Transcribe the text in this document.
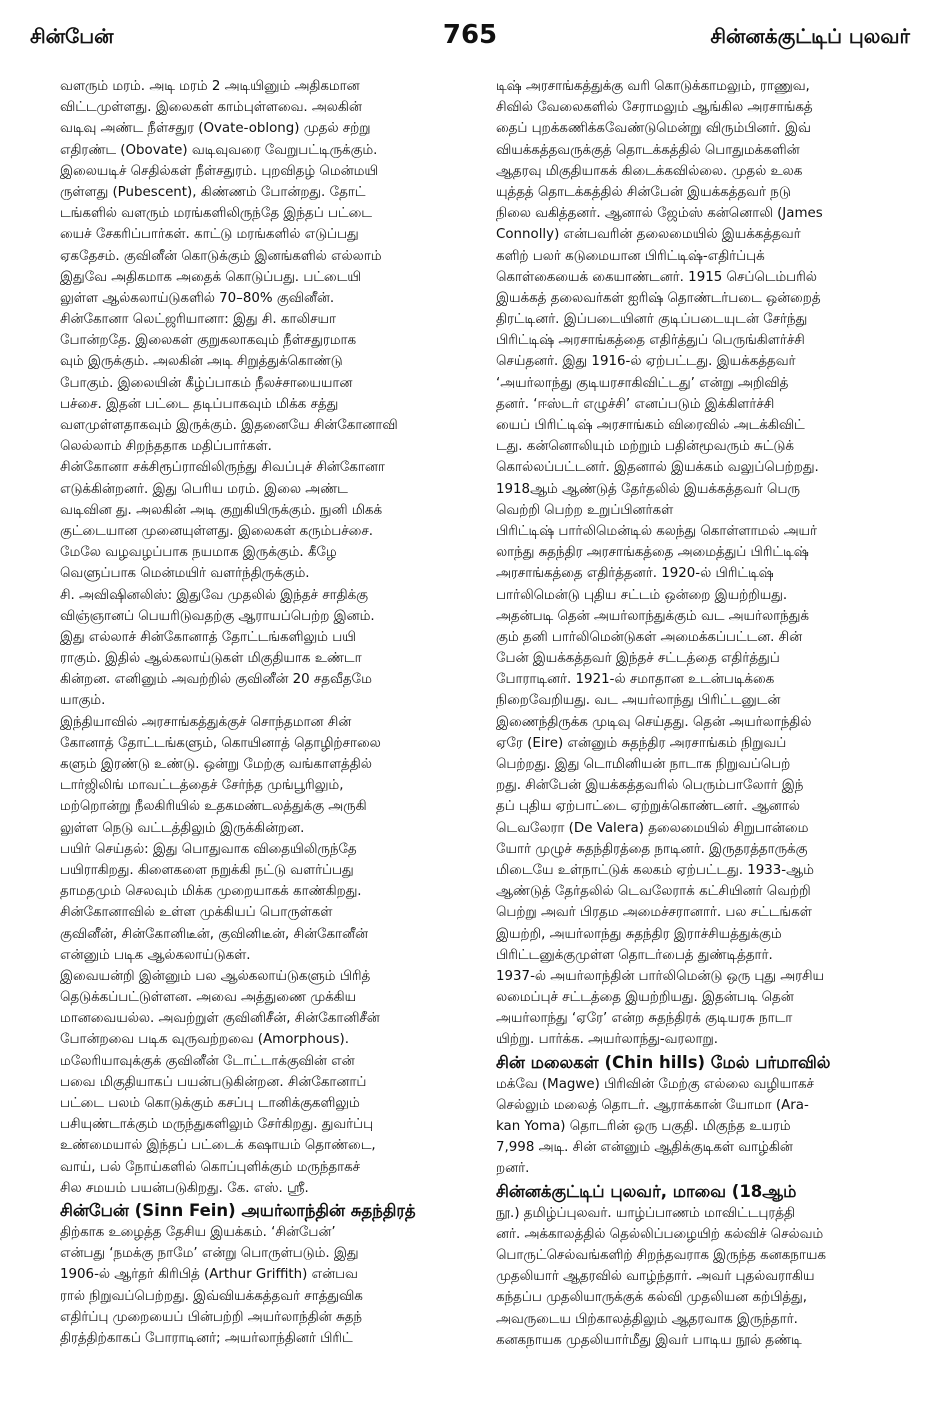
சின்பேன்	765	சின்னக்குட்டிப் புலவர்
வளரும் மரம். அடி மரம் 2 அடியினும் அதிகமான
விட்டமுள்ளது. இலைகள் காம்புள்ளவை. அலகின்
வடிவு அண்ட நீள்சதுர (Ovate-oblong) முதல் சற்று
எதிரண்ட (Obovate) வடிவுவரை வேறுபட்டிருக்கும்.
இலையடிச் செதில்கள் நீள்சதுரம். புறவிதழ் மென்மயி
ருள்ளது (Pubescent), கிண்ணம் போன்றது. தோட்
டங்களில் வளரும் மரங்களிலிருந்தே இந்தப் பட்டை
யைச் சேகரிப்பார்கள். காட்டு மரங்களில் எடுப்பது
ஏகதேசம். குவினீன் கொடுக்கும் இனங்களில் எல்லாம்
இதுவே அதிகமாக அதைக் கொடுப்பது. பட்டையி
லுள்ள ஆல்கலாய்டுகளில் 70–80% குவினீன்.
சின்கோனா லெட்ஜரியானா: இது சி. காலிசயா
போன்றதே. இலைகள் குறுகலாகவும் நீள்சதுரமாக
வும் இருக்கும். அலகின் அடி சிறுத்துக்கொண்டு
போகும். இலையின் கீழ்ப்பாகம் நீலச்சாயையான
பச்சை. இதன் பட்டை தடிப்பாகவும் மிக்க சத்து
வளமுள்ளதாகவும் இருக்கும். இதனையே சின்கோனாவி
லெல்லாம் சிறந்ததாக மதிப்பார்கள்.
சின்கோனா சக்சிரூப்ராவிலிருந்து சிவப்புச் சின்கோனா
எடுக்கின்றனர். இது பெரிய மரம். இலை அண்ட
வடிவின து. அலகின் அடி குறுகியிருக்கும். நுனி மிகக்
குட்டையான முனையுள்ளது. இலைகள் கரும்பச்சை.
மேலே வழவழப்பாக நயமாக இருக்கும். கீழே
வெளுப்பாக மென்மயிர் வளர்ந்திருக்கும்.
சி. அவிஷினலிஸ்: இதுவே முதலில் இந்தச் சாதிக்கு
விஞ்ஞானப் பெயரிடுவதற்கு ஆராயப்பெற்ற இனம்.
இது எல்லாச் சின்கோனாத் தோட்டங்களிலும் பயி
ராகும். இதில் ஆல்கலாய்டுகள் மிகுதியாக உண்டா
கின்றன. எனினும் அவற்றில் குவினீன் 20 சதவீதமே
யாகும்.
இந்தியாவில் அரசாங்கத்துக்குச் சொந்தமான சின்
கோனாத் தோட்டங்களும், கொயினாத் தொழிற்சாலை
களும் இரண்டு உண்டு. ஒன்று மேற்கு வங்காளத்தில்
டார்ஜிலிங் மாவட்டத்தைச் சேர்ந்த முங்பூரிலும்,
மற்றொன்று நீலகிரியில் உதகமண்டலத்துக்கு அருகி
லுள்ள நெடு வட்டத்திலும் இருக்கின்றன.
பயிர் செய்தல்: இது பொதுவாக விதையிலிருந்தே
பயிராகிறது. கிளைகளை நறுக்கி நட்டு வளர்ப்பது
தாமதமும் செலவும் மிக்க முறையாகக் காண்கிறது.
சின்கோனாவில் உள்ள முக்கியப் பொருள்கள்
குவினீன், சின்கோனிடீன், குவினிடீன், சின்கோனீன்
என்னும் படிக ஆல்கலாய்டுகள்.
இவையன்றி இன்னும் பல ஆல்கலாய்டுகளும் பிரித்
தெடுக்கப்பட்டுள்ளன. அவை அத்துணை முக்கிய
மானவையல்ல. அவற்றுள் குவினிசீன், சின்கோனிசீன்
போன்றவை படிக வுருவற்றவை (Amorphous).
மலேரியாவுக்குக் குவினீன் டோட்டாக்குவின் என்
பவை மிகுதியாகப் பயன்படுகின்றன. சின்கோனாப்
பட்டை பலம் கொடுக்கும் கசப்பு டானிக்குகளிலும்
பசியுண்டாக்கும் மருந்துகளிலும் சேர்கிறது. துவர்ப்பு
உண்மையால் இந்தப் பட்டைக் கஷாயம் தொண்டை,
வாய், பல் நோய்களில் கொப்புளிக்கும் மருந்தாகச்
சில சமயம் பயன்படுகிறது. கே. எஸ். ஸ்ரீ.
சின்பேன் (Sinn Fein) அயர்லாந்தின் சுதந்திரத்
திற்காக உழைத்த தேசிய இயக்கம். ‘சின்பேன்’
என்பது ‘நமக்கு நாமே’ என்று பொருள்படும். இது
1906-ல் ஆர்தர் கிரிபித் (Arthur Griffith) என்பவ
ரால் நிறுவப்பெற்றது. இவ்வியக்கத்தவர் சாத்துவிக
எதிர்ப்பு முறையைப் பின்பற்றி அயர்லாந்தின் சுதந்
திரத்திற்காகப் போராடினர்; அயர்லாந்தினர் பிரிட்
டிஷ் அரசாங்கத்துக்கு வரி கொடுக்காமலும், ராணுவ,
சிவில் வேலைகளில் சேராமலும் ஆங்கில அரசாங்கத்
தைப் புறக்கணிக்கவேண்டுமென்று விரும்பினர். இவ்
வியக்கத்தவருக்குத் தொடக்கத்தில் பொதுமக்களின்
ஆதரவு மிகுதியாகக் கிடைக்கவில்லை. முதல் உலக
யுத்தத் தொடக்கத்தில் சின்பேன் இயக்கத்தவர் நடு
நிலை வகித்தனர். ஆனால் ஜேம்ஸ் கன்னொலி (James
Connolly) என்பவரின் தலைமையில் இயக்கத்தவர்
களிற் பலர் கடுமையான பிரிட்டிஷ்-எதிர்ப்புக்
கொள்கையைக் கையாண்டனர். 1915 செப்டெம்பரில்
இயக்கத் தலைவர்கள் ஐரிஷ் தொண்டர்படை ஒன்றைத்
திரட்டினர். இப்படையினர் குடிப்படையுடன் சேர்ந்து
பிரிட்டிஷ் அரசாங்கத்தை எதிர்த்துப் பெருங்கிளர்ச்சி
செய்தனர். இது 1916-ல் ஏற்பட்டது. இயக்கத்தவர்
‘அயர்லாந்து குடியரசாகிவிட்டது’ என்று அறிவித்
தனர். ‘ஈஸ்டர் எழுச்சி’ எனப்படும் இக்கிளர்ச்சி
யைப் பிரிட்டிஷ் அரசாங்கம் விரைவில் அடக்கிவிட்
டது. கன்னொலியும் மற்றும் பதின்மூவரும் சுட்டுக்
கொல்லப்பட்டனர். இதனால் இயக்கம் வலுப்பெற்றது.
1918ஆம் ஆண்டுத் தேர்தலில் இயக்கத்தவர் பெரு
வெற்றி பெற்ற உறுப்பினர்கள்
பிரிட்டிஷ் பார்லிமென்டில் கலந்து கொள்ளாமல் அயர்
லாந்து சுதந்திர அரசாங்கத்தை அமைத்துப் பிரிட்டிஷ்
அரசாங்கத்தை எதிர்த்தனர். 1920-ல் பிரிட்டிஷ்
பார்லிமென்டு புதிய சட்டம் ஒன்றை இயற்றியது.
அதன்படி தென் அயர்லாந்துக்கும் வட அயர்லாந்துக்
கும் தனி பார்லிமென்டுகள் அமைக்கப்பட்டன. சின்
பேன் இயக்கத்தவர் இந்தச் சட்டத்தை எதிர்த்துப்
போராடினர். 1921-ல் சமாதான உடன்படிக்கை
நிறைவேறியது. வட அயர்லாந்து பிரிட்டனுடன்
இணைந்திருக்க முடிவு செய்தது. தென் அயர்லாந்தில்
ஏரே (Eire) என்னும் சுதந்திர அரசாங்கம் நிறுவப்
பெற்றது. இது டொமினியன் நாடாக நிறுவப்பெற்
றது. சின்பேன் இயக்கத்தவரில் பெரும்பாலோர் இந்
தப் புதிய ஏற்பாட்டை ஏற்றுக்கொண்டனர். ஆனால்
டெவலேரா (De Valera) தலைமையில் சிறுபான்மை
யோர் முழுச் சுதந்திரத்தை நாடினர். இருதரத்தாருக்கு
மிடையே உள்நாட்டுக் கலகம் ஏற்பட்டது. 1933-ஆம்
ஆண்டுத் தேர்தலில் டெவலேராக் கட்சியினர் வெற்றி
பெற்று அவர் பிரதம அமைச்சரானார். பல சட்டங்கள்
இயற்றி, அயர்லாந்து சுதந்திர இராச்சியத்துக்கும்
பிரிட்டனுக்குமுள்ள தொடர்பைத் துண்டித்தார்.
1937-ல் அயர்லாந்தின் பார்லிமென்டு ஒரு புது அரசிய
லமைப்புச் சட்டத்தை இயற்றியது. இதன்படி தென்
அயர்லாந்து ‘ஏரே’ என்ற சுதந்திரக் குடியரசு நாடா
யிற்று. பார்க்க. அயர்லாந்து-வரலாறு.
சின் மலைகள் (Chin hills) மேல் பர்மாவில்
மக்வே (Magwe) பிரிவின் மேற்கு எல்லை வழியாகச்
செல்லும் மலைத் தொடர். ஆராக்கான் யோமா (Ara-
kan Yoma) தொடரின் ஒரு பகுதி. மிகுந்த உயரம்
7,998 அடி. சின் என்னும் ஆதிக்குடிகள் வாழ்கின்
றனர்.
சின்னக்குட்டிப் புலவர், மாவை (18ஆம்
நூ.) தமிழ்ப்புலவர். யாழ்ப்பாணம் மாவிட்டபுரத்தி
னர். அக்காலத்தில் தெல்லிப்பழையிற் கல்விச் செல்வம்
பொருட்செல்வங்களிற் சிறந்தவராக இருந்த கனகநாயக
முதலியார் ஆதரவில் வாழ்ந்தார். அவர் புதல்வராகிய
கந்தப்ப முதலியாருக்குக் கல்வி முதலியன கற்பித்து,
அவருடைய பிற்காலத்திலும் ஆதரவாக இருந்தார்.
கனகநாயக முதலியார்மீது இவர் பாடிய நூல் தண்டி
